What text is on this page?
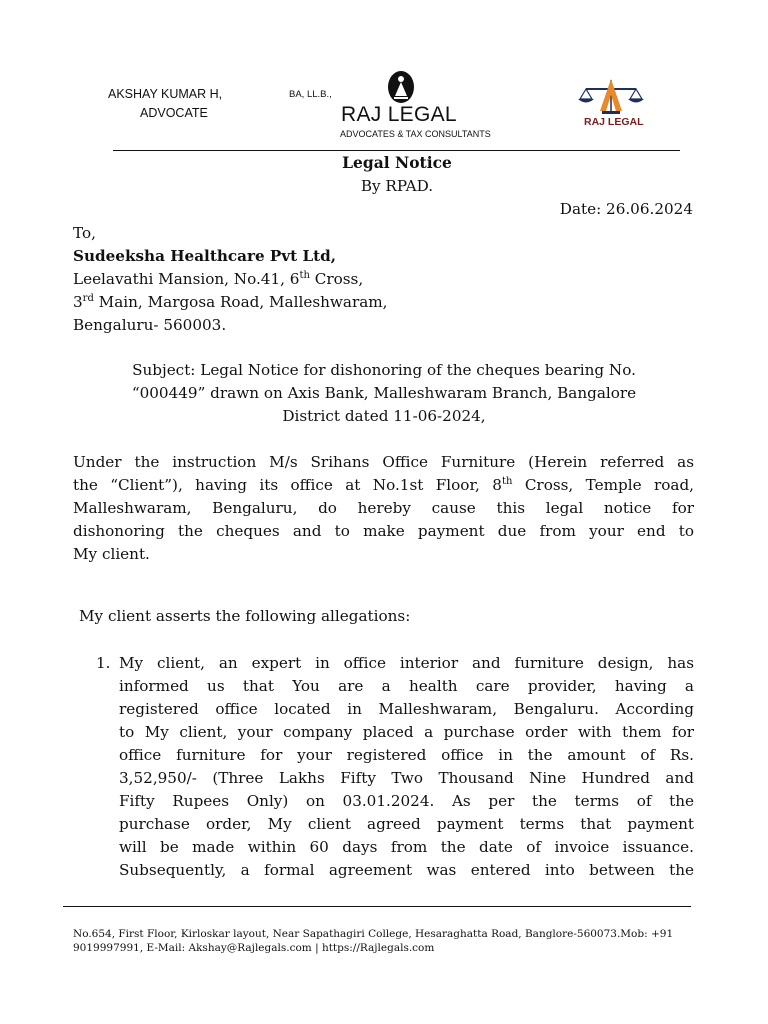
AKSHAY KUMAR H,
ADVOCATE
BA, LL.B.,
RAJ LEGAL
ADVOCATES & TAX CONSULTANTS
RAJ LEGAL
Legal Notice
By RPAD.
Date: 26.06.2024
To,
Sudeeksha Healthcare Pvt Ltd,
Leelavathi Mansion, No.41, 6th Cross,
3rd Main, Margosa Road, Malleshwaram,
Bengaluru- 560003.
Subject: Legal Notice for dishonoring of the cheques bearing No.
“000449” drawn on Axis Bank, Malleshwaram Branch, Bangalore
District dated 11-06-2024,
Under the instruction M/s Srihans Office Furniture (Herein referred as
the “Client”), having its office at No.1st Floor, 8th Cross, Temple road,
Malleshwaram, Bengaluru, do hereby cause this legal notice for
dishonoring the cheques and to make payment due from your end to
My client.
My client asserts the following allegations:
1. My client, an expert in office interior and furniture design, has
informed us that You are a health care provider, having a
registered office located in Malleshwaram, Bengaluru. According
to My client, your company placed a purchase order with them for
office furniture for your registered office in the amount of Rs.
3,52,950/- (Three Lakhs Fifty Two Thousand Nine Hundred and
Fifty Rupees Only) on 03.01.2024. As per the terms of the
purchase order, My client agreed payment terms that payment
will be made within 60 days from the date of invoice issuance.
Subsequently, a formal agreement was entered into between the
No.654, First Floor, Kirloskar layout, Near Sapathagiri College, Hesaraghatta Road, Banglore-560073.Mob: +91
9019997991, E-Mail: Akshay@Rajlegals.com | https://Rajlegals.com
